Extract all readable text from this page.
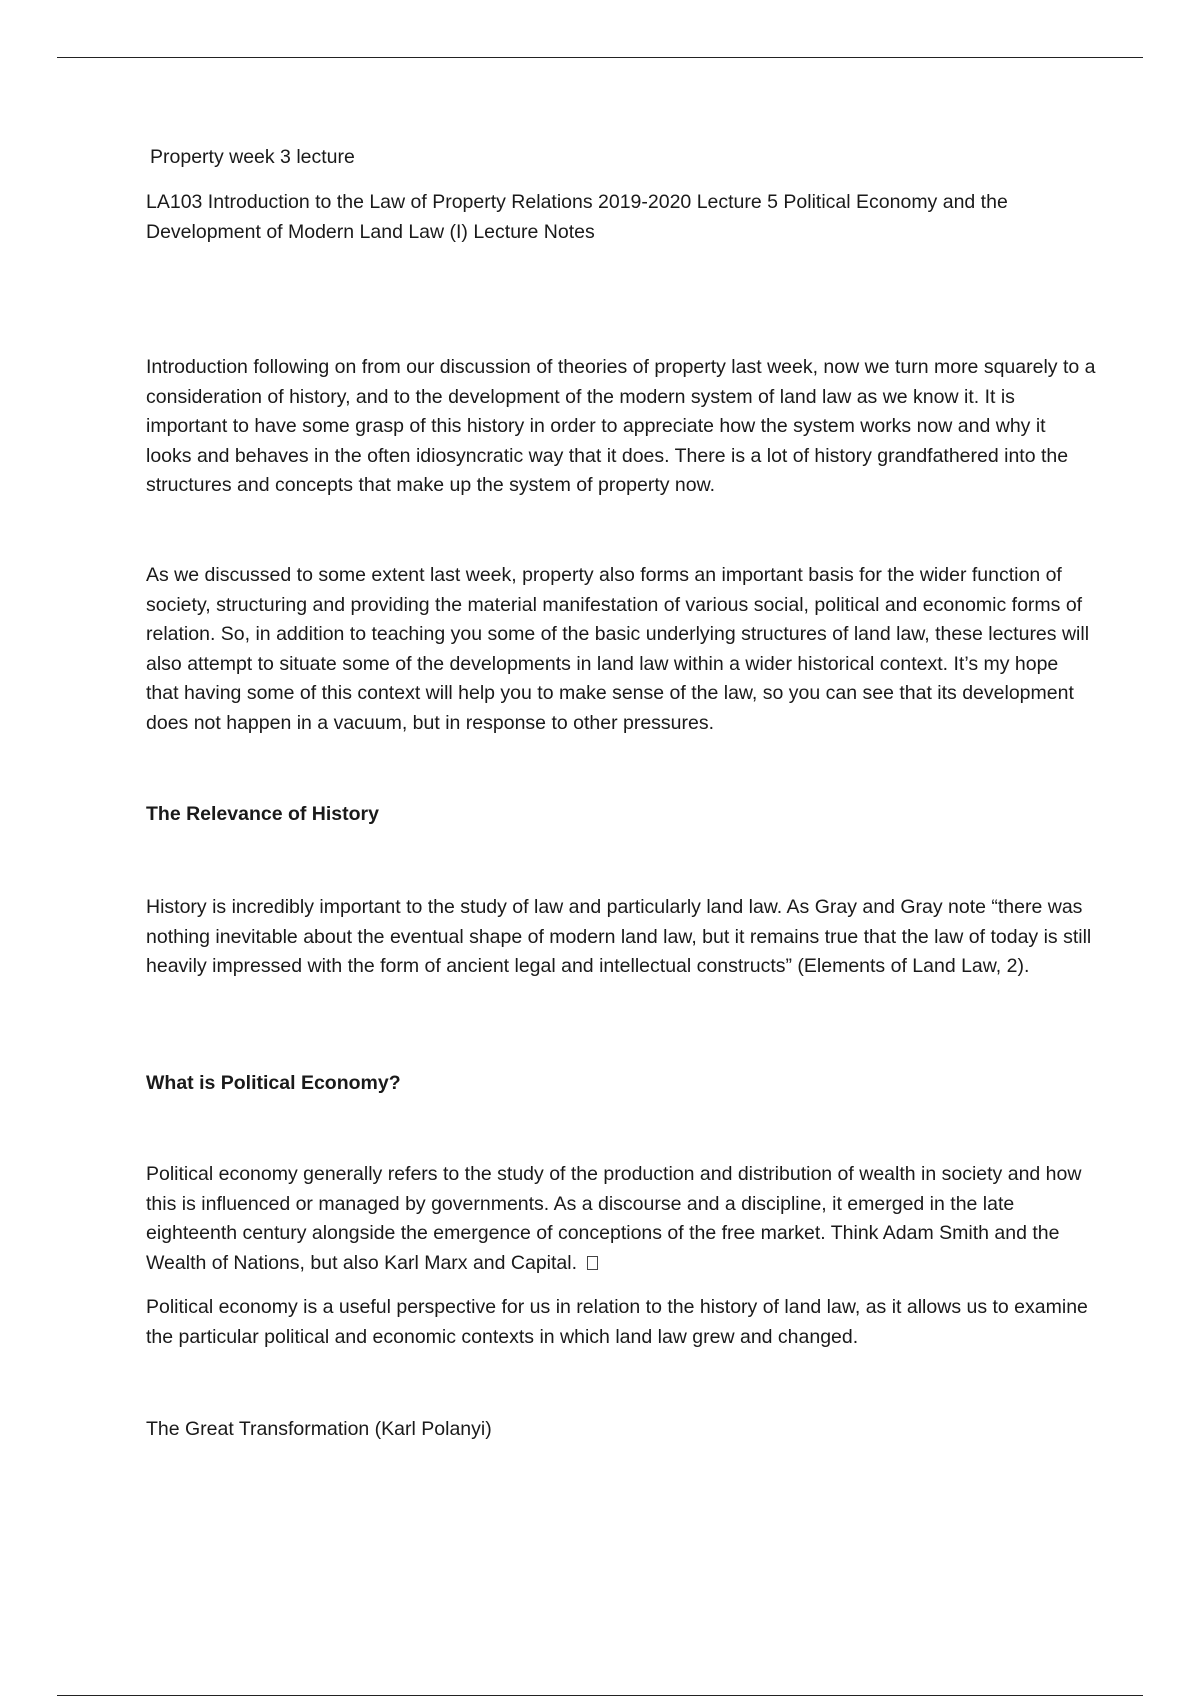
Property week 3 lecture

LA103 Introduction to the Law of Property Relations 2019-2020 Lecture 5 Political Economy and the Development of Modern Land Law (I) Lecture Notes

Introduction following on from our discussion of theories of property last week, now we turn more squarely to a consideration of history, and to the development of the modern system of land law as we know it. It is important to have some grasp of this history in order to appreciate how the system works now and why it looks and behaves in the often idiosyncratic way that it does. There is a lot of history grandfathered into the structures and concepts that make up the system of property now.

As we discussed to some extent last week, property also forms an important basis for the wider function of society, structuring and providing the material manifestation of various social, political and economic forms of relation. So, in addition to teaching you some of the basic underlying structures of land law, these lectures will also attempt to situate some of the developments in land law within a wider historical context. It’s my hope that having some of this context will help you to make sense of the law, so you can see that its development does not happen in a vacuum, but in response to other pressures.

The Relevance of History

History is incredibly important to the study of law and particularly land law. As Gray and Gray note “there was nothing inevitable about the eventual shape of modern land law, but it remains true that the law of today is still heavily impressed with the form of ancient legal and intellectual constructs” (Elements of Land Law, 2).

What is Political Economy?

Political economy generally refers to the study of the production and distribution of wealth in society and how this is influenced or managed by governments. As a discourse and a discipline, it emerged in the late eighteenth century alongside the emergence of conceptions of the free market. Think Adam Smith and the Wealth of Nations, but also Karl Marx and Capital.

Political economy is a useful perspective for us in relation to the history of land law, as it allows us to examine the particular political and economic contexts in which land law grew and changed.

The Great Transformation (Karl Polanyi)
